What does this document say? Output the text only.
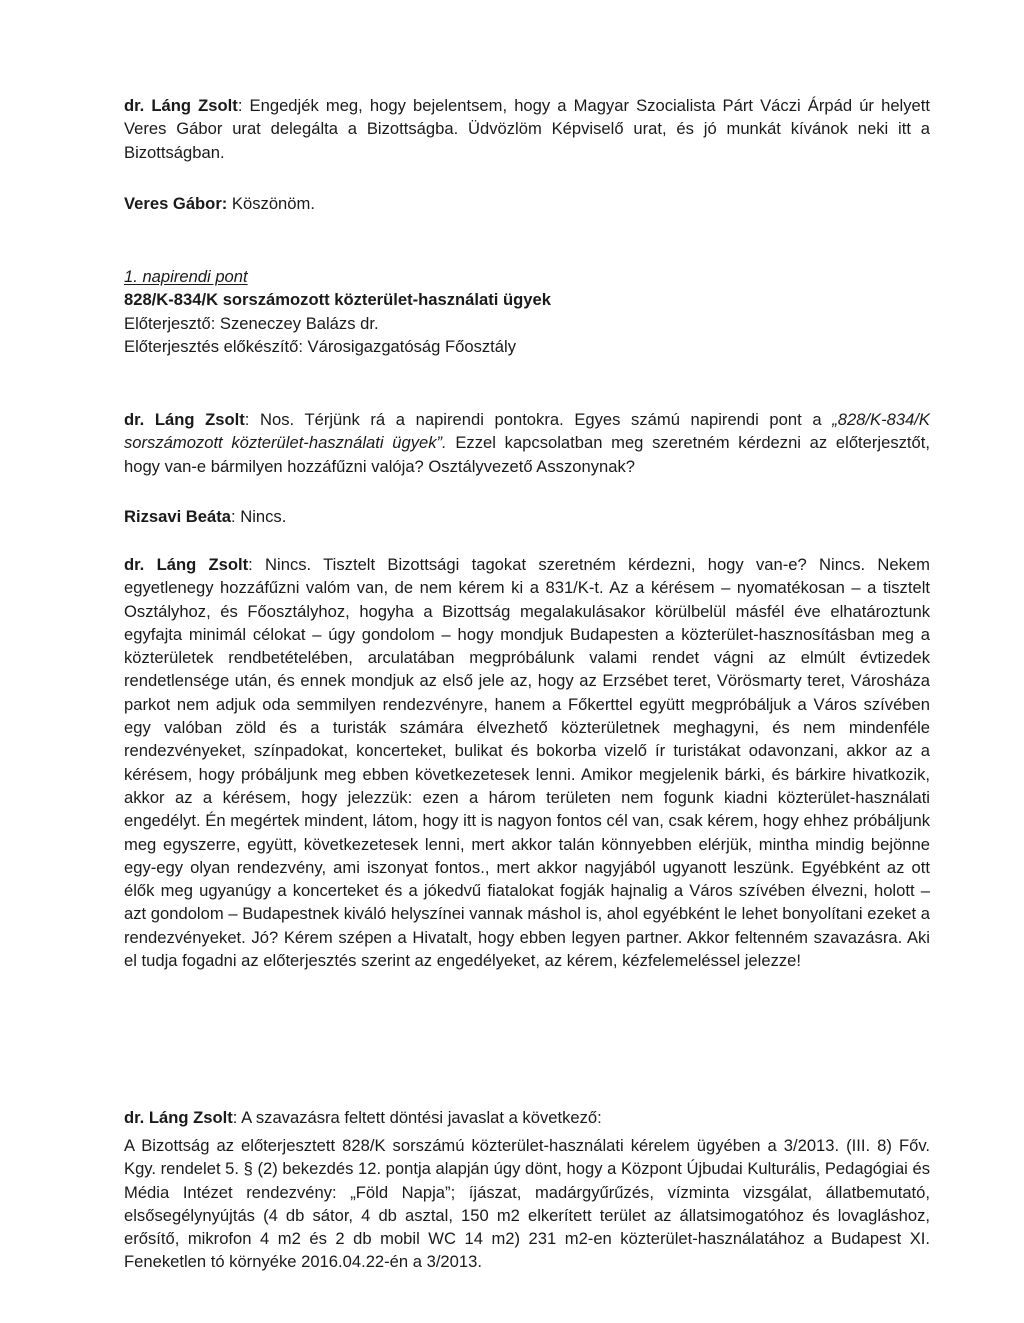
dr. Láng Zsolt: Engedjék meg, hogy bejelentsem, hogy a Magyar Szocialista Párt Váczi Árpád úr helyett Veres Gábor urat delegálta a Bizottságba. Üdvözlöm Képviselő urat, és jó munkát kívánok neki itt a Bizottságban.

Veres Gábor: Köszönöm.

1. napirendi pont

828/K-834/K sorszámozott közterület-használati ügyek

Előterjesztő: Szeneczey Balázs dr.

Előterjesztés előkészítő: Városigazgatóság Főosztály

dr. Láng Zsolt: Nos. Térjünk rá a napirendi pontokra. Egyes számú napirendi pont a „828/K-834/K sorszámozott közterület-használati ügyek”. Ezzel kapcsolatban meg szeretném kérdezni az előterjesztőt, hogy van-e bármilyen hozzáfűzni valója? Osztályvezető Asszonynak?

Rizsavi Beáta: Nincs.

dr. Láng Zsolt: Nincs. Tisztelt Bizottsági tagokat szeretném kérdezni, hogy van-e? Nincs. Nekem egyetlenegy hozzáfűzni valóm van, de nem kérem ki a 831/K-t. Az a kérésem – nyomatékosan – a tisztelt Osztályhoz, és Főosztályhoz, hogyha a Bizottság megalakulásakor körülbelül másfél éve elhatároztunk egyfajta minimál célokat – úgy gondolom – hogy mondjuk Budapesten a közterület-hasznosításban meg a közterületek rendbetételében, arculatában megpróbálunk valami rendet vágni az elmúlt évtizedek rendetlensége után, és ennek mondjuk az első jele az, hogy az Erzsébet teret, Vörösmarty teret, Városháza parkot nem adjuk oda semmilyen rendezvényre, hanem a Főkerttel együtt megpróbáljuk a Város szívében egy valóban zöld és a turisták számára élvezhető közterületnek meghagyni, és nem mindenféle rendezvényeket, színpadokat, koncerteket, bulikat és bokorba vizelő ír turistákat odavonzani, akkor az a kérésem, hogy próbáljunk meg ebben következetesek lenni. Amikor megjelenik bárki, és bárkire hivatkozik, akkor az a kérésem, hogy jelezzük: ezen a három területen nem fogunk kiadni közterület-használati engedélyt. Én megértek mindent, látom, hogy itt is nagyon fontos cél van, csak kérem, hogy ehhez próbáljunk meg egyszerre, együtt, következetesek lenni, mert akkor talán könnyebben elérjük, mintha mindig bejönne egy-egy olyan rendezvény, ami iszonyat fontos., mert akkor nagyjából ugyanott leszünk. Egyébként az ott élők meg ugyanúgy a koncerteket és a jókedvű fiatalokat fogják hajnalig a Város szívében élvezni, holott – azt gondolom – Budapestnek kiváló helyszínei vannak máshol is, ahol egyébként le lehet bonyolítani ezeket a rendezvényeket. Jó? Kérem szépen a Hivatalt, hogy ebben legyen partner. Akkor feltenném szavazásra. Aki el tudja fogadni az előterjesztés szerint az engedélyeket, az kérem, kézfelemeléssel jelezze!

dr. Láng Zsolt: A szavazásra feltett döntési javaslat a következő:

A Bizottság az előterjesztett 828/K sorszámú közterület-használati kérelem ügyében a 3/2013. (III. 8) Főv. Kgy. rendelet 5. § (2) bekezdés 12. pontja alapján úgy dönt, hogy a Központ Újbudai Kulturális, Pedagógiai és Média Intézet rendezvény: „Föld Napja”; íjászat, madárgyűrűzés, vízminta vizsgálat, állatbemutató, elsősegélynyújtás (4 db sátor, 4 db asztal, 150 m2 elkerített terület az állatsimogatóhoz és lovagláshoz, erősítő, mikrofon 4 m2 és 2 db mobil WC 14 m2) 231 m2-en közterület-használatához a Budapest XI. Feneketlen tó környéke 2016.04.22-én a 3/2013.
